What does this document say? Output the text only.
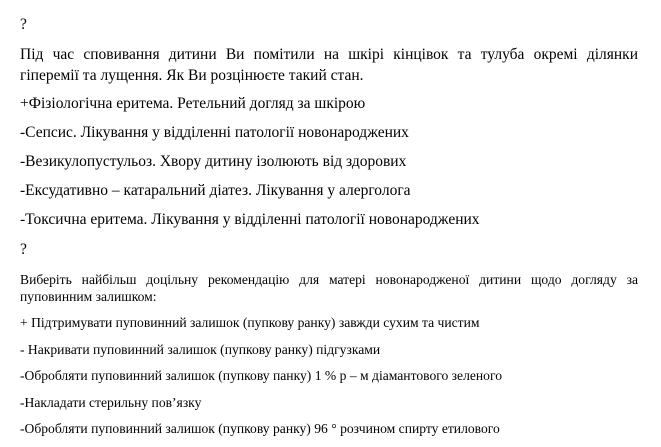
?
Під час сповивання дитини Ви помітили на шкірі кінцівок та тулуба окремі ділянки
гіперемії та лущення. Як Ви розцінюєте такий стан.
+Фізіологічна еритема. Ретельний догляд за шкірою
-Сепсис. Лікування у відділенні патології новонароджених
-Везикулопустульоз. Хвору дитину ізолюють від здорових
-Ексудативно – катаральний діатез. Лікування у алерголога
-Токсична еритема. Лікування у відділенні патології новонароджених
?
Виберіть найбільш доцільну рекомендацію для матері новонародженої дитини щодо догляду за
пуповинним залишком:
+ Підтримувати пуповинний залишок (пупкову ранку) завжди сухим та чистим
- Накривати пуповинний залишок (пупкову ранку) підгузками
-Обробляти пуповинний залишок (пупкову панку) 1 % р – м діамантового зеленого
-Накладати стерильну пов’язку
-Обробляти пуповинний залишок (пупкову ранку) 96 ° розчином спирту етилового
